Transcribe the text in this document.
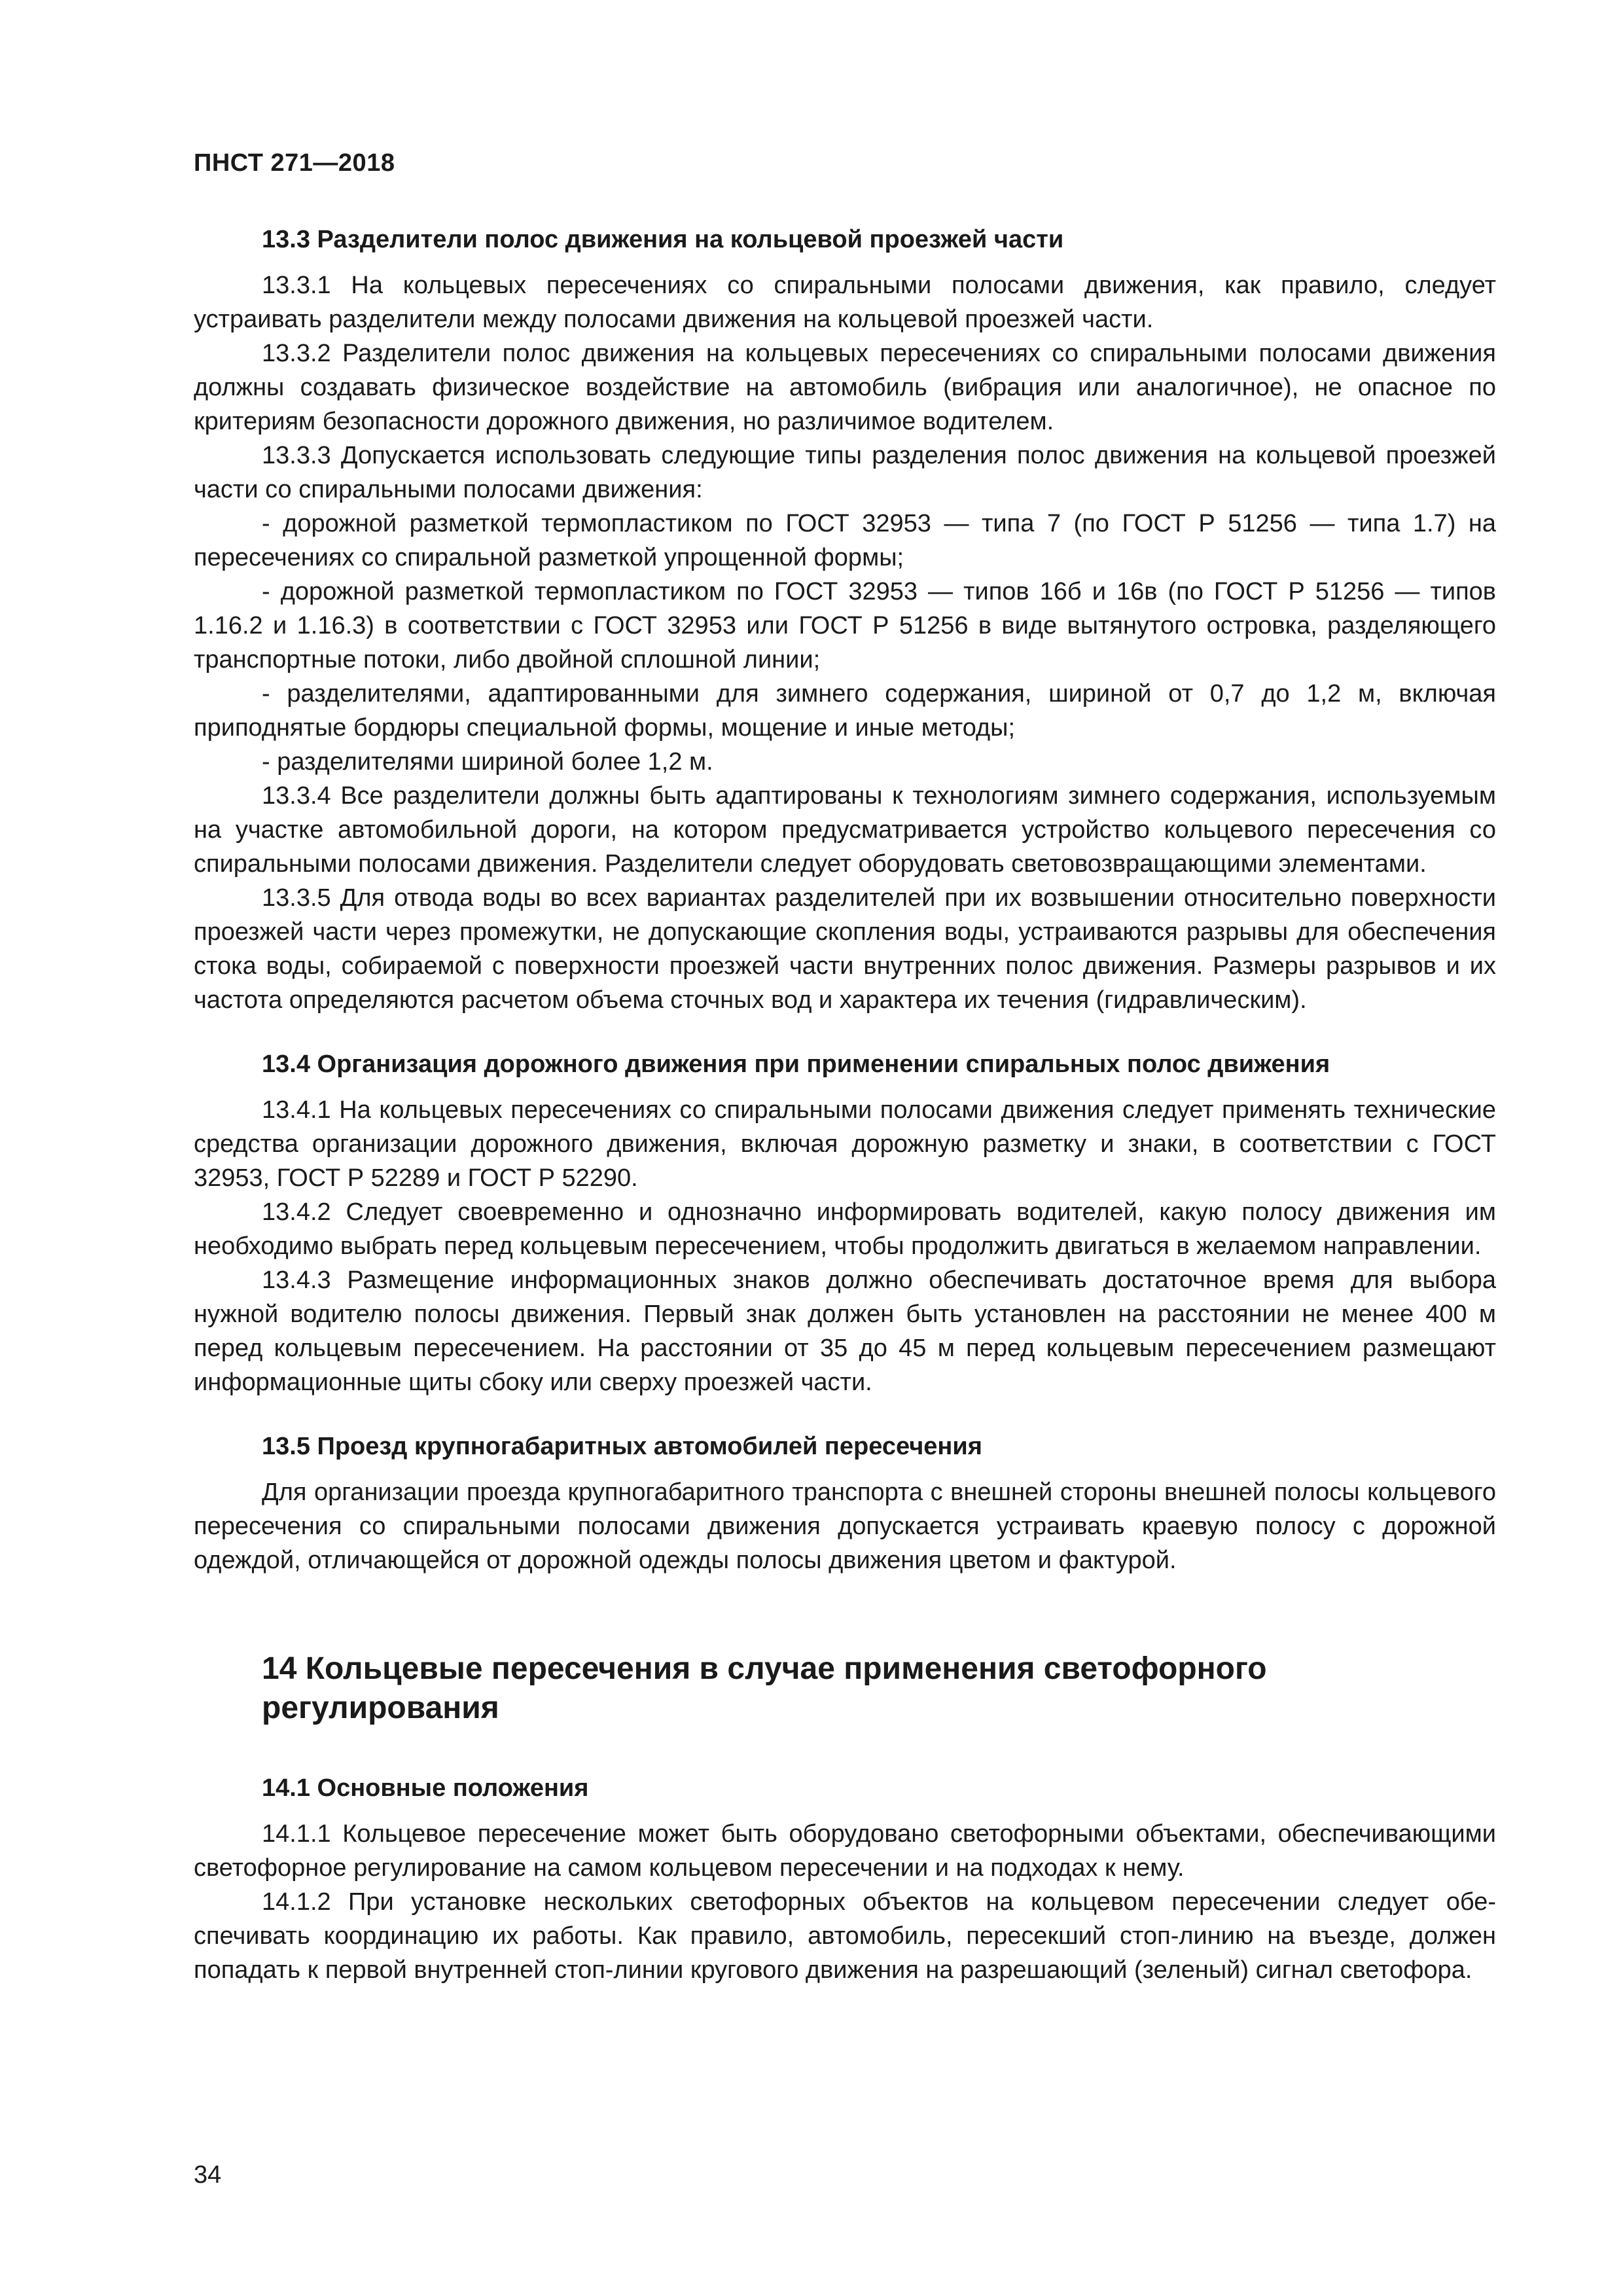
ПНСТ 271—2018
13.3 Разделители полос движения на кольцевой проезжей части

13.3.1 На кольцевых пересечениях со спиральными полосами движения, как правило, следует устраивать разделители между полосами движения на кольцевой проезжей части.

13.3.2 Разделители полос движения на кольцевых пересечениях со спиральными полосами движения должны создавать физическое воздействие на автомобиль (вибрация или аналогичное), не опасное по критериям безопасности дорожного движения, но различимое водителем.

13.3.3 Допускается использовать следующие типы разделения полос движения на кольцевой проезжей части со спиральными полосами движения:

- дорожной разметкой термопластиком по ГОСТ 32953 — типа 7 (по ГОСТ Р 51256 — типа 1.7) на пересечениях со спиральной разметкой упрощенной формы;

- дорожной разметкой термопластиком по ГОСТ 32953 — типов 16б и 16в (по ГОСТ Р 51256 — типов 1.16.2 и 1.16.3) в соответствии с ГОСТ 32953 или ГОСТ Р 51256 в виде вытянутого островка, разделяющего транспортные потоки, либо двойной сплошной линии;

- разделителями, адаптированными для зимнего содержания, шириной от 0,7 до 1,2 м, включая приподнятые бордюры специальной формы, мощение и иные методы;

- разделителями шириной более 1,2 м.

13.3.4 Все разделители должны быть адаптированы к технологиям зимнего содержания, используемым на участке автомобильной дороги, на котором предусматривается устройство кольцевого пересечения со спиральными полосами движения. Разделители следует оборудовать световозвращающими элементами.

13.3.5 Для отвода воды во всех вариантах разделителей при их возвышении относительно поверхности проезжей части через промежутки, не допускающие скопления воды, устраиваются разрывы для обеспечения стока воды, собираемой с поверхности проезжей части внутренних полос движения. Размеры разрывов и их частота определяются расчетом объема сточных вод и характера их течения (гидравлическим).

13.4 Организация дорожного движения при применении спиральных полос движения

13.4.1 На кольцевых пересечениях со спиральными полосами движения следует применять технические средства организации дорожного движения, включая дорожную разметку и знаки, в соответствии с ГОСТ 32953, ГОСТ Р 52289 и ГОСТ Р 52290.

13.4.2 Следует своевременно и однозначно информировать водителей, какую полосу движения им необходимо выбрать перед кольцевым пересечением, чтобы продолжить двигаться в желаемом направлении.

13.4.3 Размещение информационных знаков должно обеспечивать достаточное время для выбора нужной водителю полосы движения. Первый знак должен быть установлен на расстоянии не менее 400 м перед кольцевым пересечением. На расстоянии от 35 до 45 м перед кольцевым пересечением размещают информационные щиты сбоку или сверху проезжей части.

13.5 Проезд крупногабаритных автомобилей пересечения

Для организации проезда крупногабаритного транспорта с внешней стороны внешней полосы кольцевого пересечения со спиральными полосами движения допускается устраивать краевую полосу с дорожной одеждой, отличающейся от дорожной одежды полосы движения цветом и фактурой.

14 Кольцевые пересечения в случае применения светофорного регулирования
14.1 Основные положения

14.1.1 Кольцевое пересечение может быть оборудовано светофорными объектами, обеспечивающими светофорное регулирование на самом кольцевом пересечении и на подходах к нему.

14.1.2 При установке нескольких светофорных объектов на кольцевом пересечении следует обеспечивать координацию их работы. Как правило, автомобиль, пересекший стоп-линию на въезде, должен попадать к первой внутренней стоп-линии кругового движения на разрешающий (зеленый) сигнал светофора.

34
